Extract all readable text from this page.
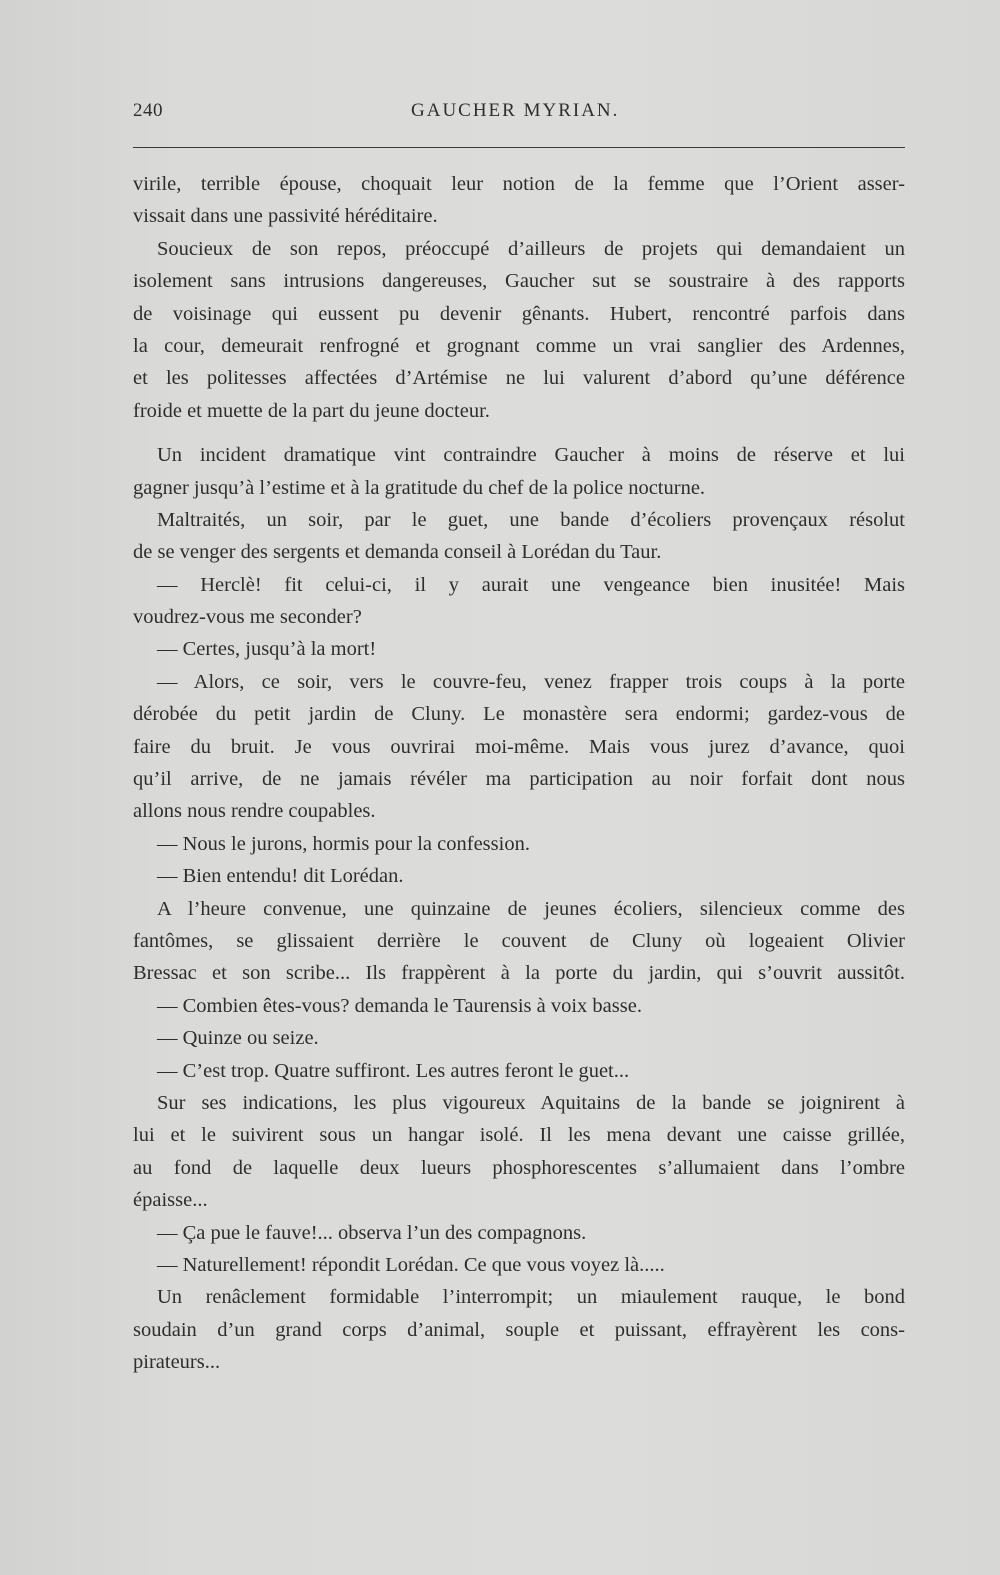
240	GAUCHER MYRIAN.
virile, terrible épouse, choquait leur notion de la femme que l’Orient asser-
vissait dans une passivité héréditaire.
Soucieux de son repos, préoccupé d’ailleurs de projets qui demandaient un
isolement sans intrusions dangereuses, Gaucher sut se soustraire à des rapports
de voisinage qui eussent pu devenir gênants. Hubert, rencontré parfois dans
la cour, demeurait renfrogné et grognant comme un vrai sanglier des Ardennes,
et les politesses affectées d’Artémise ne lui valurent d’abord qu’une déférence
froide et muette de la part du jeune docteur.
Un incident dramatique vint contraindre Gaucher à moins de réserve et lui
gagner jusqu’à l’estime et à la gratitude du chef de la police nocturne.
Maltraités, un soir, par le guet, une bande d’écoliers provençaux résolut
de se venger des sergents et demanda conseil à Lorédan du Taur.
— Herclè! fit celui-ci, il y aurait une vengeance bien inusitée! Mais
voudrez-vous me seconder?
— Certes, jusqu’à la mort!
— Alors, ce soir, vers le couvre-feu, venez frapper trois coups à la porte
dérobée du petit jardin de Cluny. Le monastère sera endormi; gardez-vous de
faire du bruit. Je vous ouvrirai moi-même. Mais vous jurez d’avance, quoi
qu’il arrive, de ne jamais révéler ma participation au noir forfait dont nous
allons nous rendre coupables.
— Nous le jurons, hormis pour la confession.
— Bien entendu! dit Lorédan.
A l’heure convenue, une quinzaine de jeunes écoliers, silencieux comme des
fantômes, se glissaient derrière le couvent de Cluny où logeaient Olivier
Bressac et son scribe... Ils frappèrent à la porte du jardin, qui s’ouvrit aussitôt.
— Combien êtes-vous? demanda le Taurensis à voix basse.
— Quinze ou seize.
— C’est trop. Quatre suffiront. Les autres feront le guet...
Sur ses indications, les plus vigoureux Aquitains de la bande se joignirent à
lui et le suivirent sous un hangar isolé. Il les mena devant une caisse grillée,
au fond de laquelle deux lueurs phosphorescentes s’allumaient dans l’ombre
épaisse...
— Ça pue le fauve!... observa l’un des compagnons.
— Naturellement! répondit Lorédan. Ce que vous voyez là.....
Un renâclement formidable l’interrompit; un miaulement rauque, le bond
soudain d’un grand corps d’animal, souple et puissant, effrayèrent les cons-
pirateurs...
